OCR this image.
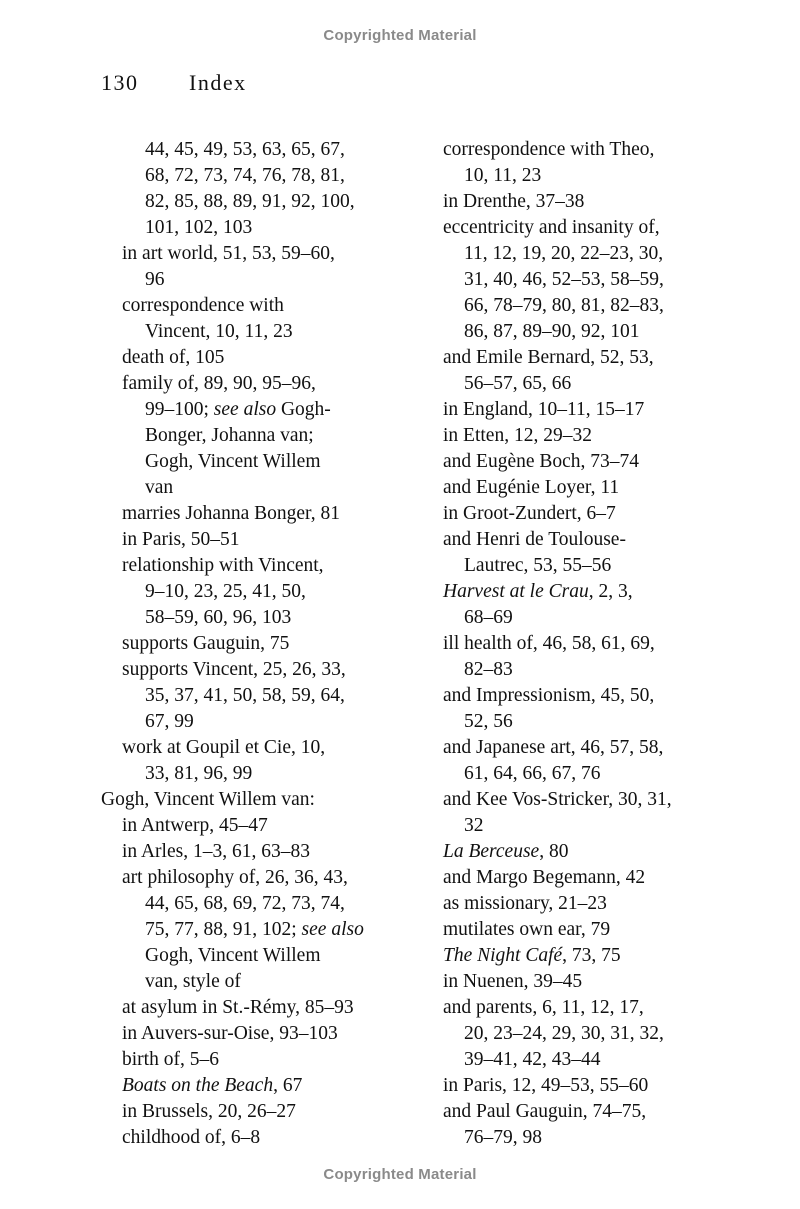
Copyrighted Material
130 Index
44, 45, 49, 53, 63, 65, 67,
68, 72, 73, 74, 76, 78, 81,
82, 85, 88, 89, 91, 92, 100,
101, 102, 103
in art world, 51, 53, 59–60,
96
correspondence with
Vincent, 10, 11, 23
death of, 105
family of, 89, 90, 95–96,
99–100; see also Gogh-
Bonger, Johanna van;
Gogh, Vincent Willem
van
marries Johanna Bonger, 81
in Paris, 50–51
relationship with Vincent,
9–10, 23, 25, 41, 50,
58–59, 60, 96, 103
supports Gauguin, 75
supports Vincent, 25, 26, 33,
35, 37, 41, 50, 58, 59, 64,
67, 99
work at Goupil et Cie, 10,
33, 81, 96, 99
Gogh, Vincent Willem van:
in Antwerp, 45–47
in Arles, 1–3, 61, 63–83
art philosophy of, 26, 36, 43,
44, 65, 68, 69, 72, 73, 74,
75, 77, 88, 91, 102; see also
Gogh, Vincent Willem
van, style of
at asylum in St.-Rémy, 85–93
in Auvers-sur-Oise, 93–103
birth of, 5–6
Boats on the Beach, 67
in Brussels, 20, 26–27
childhood of, 6–8
correspondence with Theo,
10, 11, 23
in Drenthe, 37–38
eccentricity and insanity of,
11, 12, 19, 20, 22–23, 30,
31, 40, 46, 52–53, 58–59,
66, 78–79, 80, 81, 82–83,
86, 87, 89–90, 92, 101
and Emile Bernard, 52, 53,
56–57, 65, 66
in England, 10–11, 15–17
in Etten, 12, 29–32
and Eugène Boch, 73–74
and Eugénie Loyer, 11
in Groot-Zundert, 6–7
and Henri de Toulouse-
Lautrec, 53, 55–56
Harvest at le Crau, 2, 3,
68–69
ill health of, 46, 58, 61, 69,
82–83
and Impressionism, 45, 50,
52, 56
and Japanese art, 46, 57, 58,
61, 64, 66, 67, 76
and Kee Vos-Stricker, 30, 31,
32
La Berceuse, 80
and Margo Begemann, 42
as missionary, 21–23
mutilates own ear, 79
The Night Café, 73, 75
in Nuenen, 39–45
and parents, 6, 11, 12, 17,
20, 23–24, 29, 30, 31, 32,
39–41, 42, 43–44
in Paris, 12, 49–53, 55–60
and Paul Gauguin, 74–75,
76–79, 98
Copyrighted Material
